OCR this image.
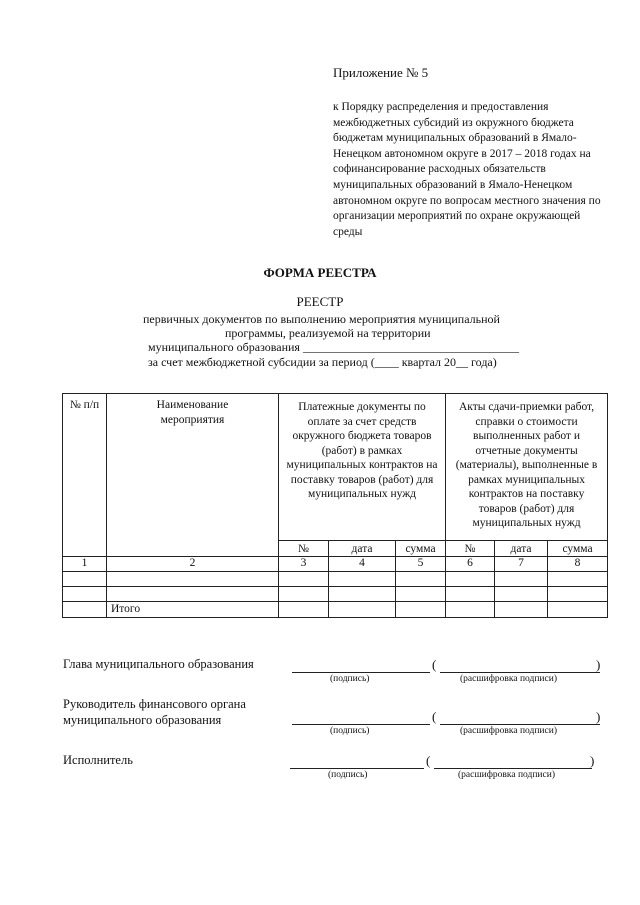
Приложение № 5
к Порядку распределения и предоставления межбюджетных субсидий из окружного бюджета бюджетам муниципальных образований в Ямало-Ненецком автономном округе в 2017 – 2018 годах на софинансирование расходных обязательств муниципальных образований в Ямало-Ненецком автономном округе по вопросам местного значения по организации мероприятий по охране окружающей среды
ФОРМА РЕЕСТРА
РЕЕСТР
первичных документов по выполнению мероприятия муниципальной
программы, реализуемой на территории
муниципального образования ____________________________________
за счет межбюджетной субсидии за период (____ квартал 20__ года)
№ п/п	Наименование мероприятия	Платежные документы по оплате за счет средств окружного бюджета товаров (работ) в рамках муниципальных контрактов на поставку товаров (работ) для муниципальных нужд			Акты сдачи-приемки работ, справки о стоимости выполненных работ и отчетные документы (материалы), выполненные в рамках муниципальных контрактов на поставку товаров (работ) для муниципальных нужд		
		№	дата	сумма	№	дата	сумма
1	2	3	4	5	6	7	8

	Итого						
Глава муниципального образования	(	)
(подпись)	(расшифровка подписи)
Руководитель финансового органа муниципального образования	(	)
(подпись)	(расшифровка подписи)
Исполнитель	(	)
(подпись)	(расшифровка подписи)
